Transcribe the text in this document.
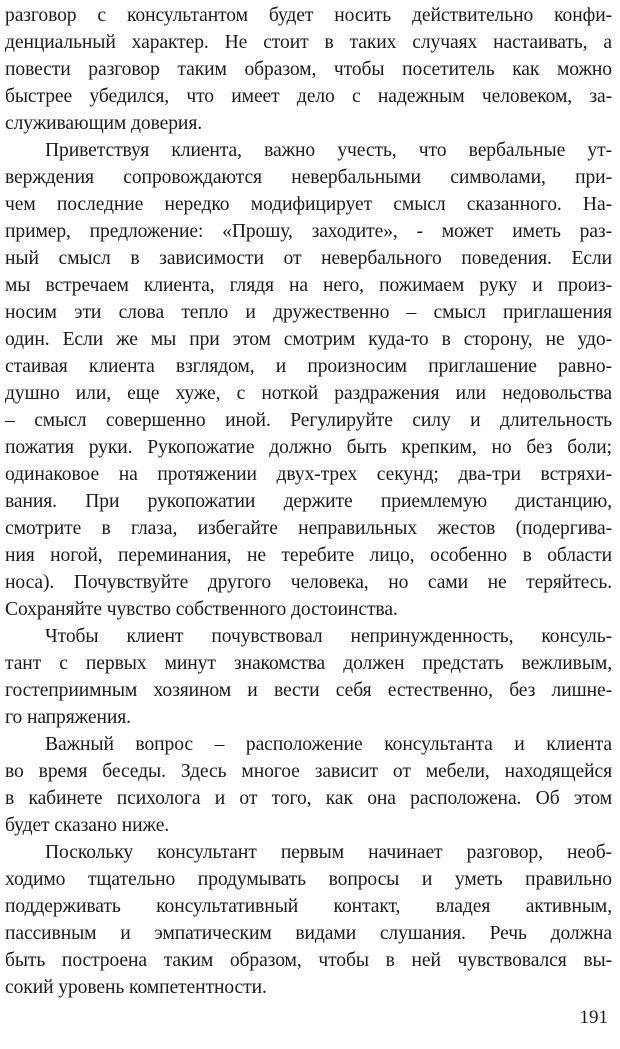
разговор с консультантом будет носить действительно конфи-
денциальный характер. Не стоит в таких случаях настаивать, а
повести разговор таким образом, чтобы посетитель как можно
быстрее убедился, что имеет дело с надежным человеком, за-
служивающим доверия.
Приветствуя клиента, важно учесть, что вербальные ут-
верждения сопровождаются невербальными символами, при-
чем последние нередко модифицирует смысл сказанного. На-
пример, предложение: «Прошу, заходите», - может иметь раз-
ный смысл в зависимости от невербального поведения. Если
мы встречаем клиента, глядя на него, пожимаем руку и произ-
носим эти слова тепло и дружественно – смысл приглашения
один. Если же мы при этом смотрим куда-то в сторону, не удо-
стаивая клиента взглядом, и произносим приглашение равно-
душно или, еще хуже, с ноткой раздражения или недовольства
– смысл совершенно иной. Регулируйте силу и длительность
пожатия руки. Рукопожатие должно быть крепким, но без боли;
одинаковое на протяжении двух-трех секунд; два-три встряхи-
вания. При рукопожатии держите приемлемую дистанцию,
смотрите в глаза, избегайте неправильных жестов (подергива-
ния ногой, переминания, не теребите лицо, особенно в области
носа). Почувствуйте другого человека, но сами не теряйтесь.
Сохраняйте чувство собственного достоинства.
Чтобы клиент почувствовал непринужденность, консуль-
тант с первых минут знакомства должен предстать вежливым,
гостеприимным хозяином и вести себя естественно, без лишне-
го напряжения.
Важный вопрос – расположение консультанта и клиента
во время беседы. Здесь многое зависит от мебели, находящейся
в кабинете психолога и от того, как она расположена. Об этом
будет сказано ниже.
Поскольку консультант первым начинает разговор, необ-
ходимо тщательно продумывать вопросы и уметь правильно
поддерживать консультативный контакт, владея активным,
пассивным и эмпатическим видами слушания. Речь должна
быть построена таким образом, чтобы в ней чувствовался вы-
сокий уровень компетентности.
191
